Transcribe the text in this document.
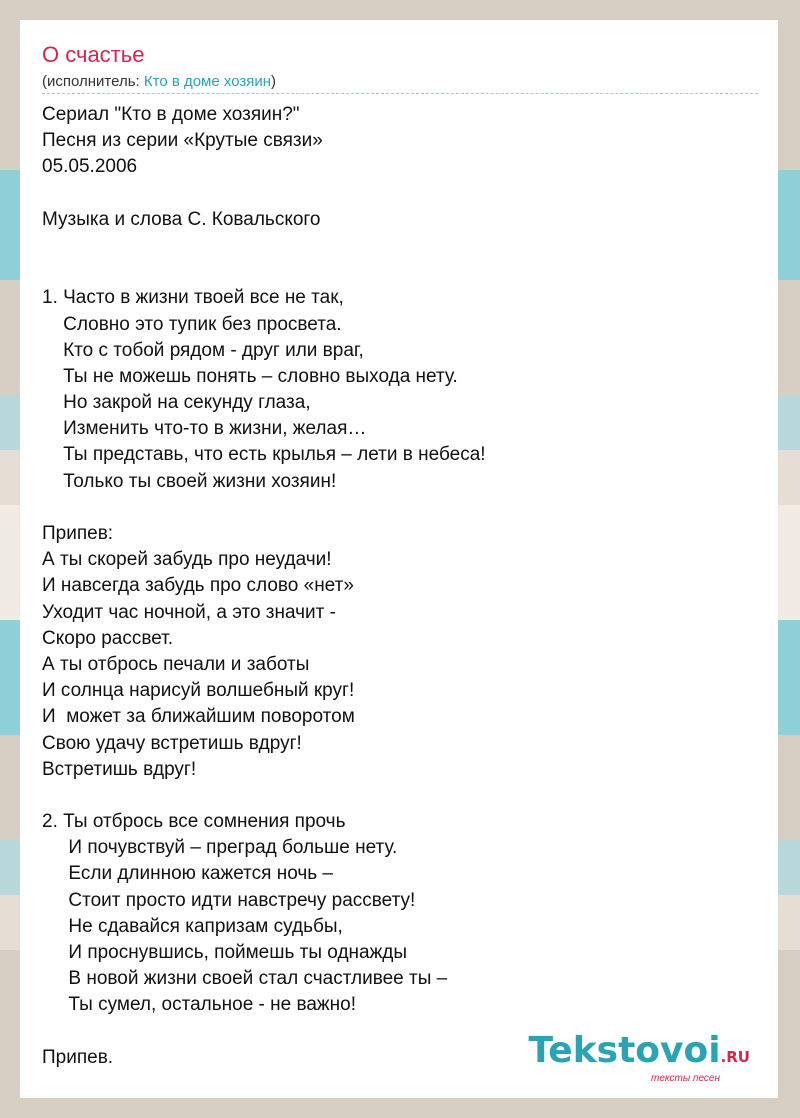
О счастье
(исполнитель: Кто в доме хозяин)
Сериал "Кто в доме хозяин?"
Песня из серии «Крутые связи»
05.05.2006
Музыка и слова С. Ковальского
1. Часто в жизни твоей все не так,
Словно это тупик без просвета.
Кто с тобой рядом - друг или враг,
Ты не можешь понять – словно выхода нету.
Но закрой на секунду глаза,
Изменить что-то в жизни, желая…
Ты представь, что есть крылья – лети в небеса!
Только ты своей жизни хозяин!
Припев:
А ты скорей забудь про неудачи!
И навсегда забудь про слово «нет»
Уходит час ночной, а это значит -
Скоро рассвет.
А ты отбрось печали и заботы
И солнца нарисуй волшебный круг!
И  может за ближайшим поворотом
Свою удачу встретишь вдруг!
Встретишь вдруг!
2. Ты отбрось все сомнения прочь
И почувствуй – преград больше нету.
Если длинною кажется ночь –
Стоит просто идти навстречу рассвету!
Не сдавайся капризам судьбы,
И проснувшись, поймешь ты однажды
В новой жизни своей стал счастливее ты –
Ты сумел, остальное - не важно!
Припев.	Tekstovoi.RU
тексты песен
